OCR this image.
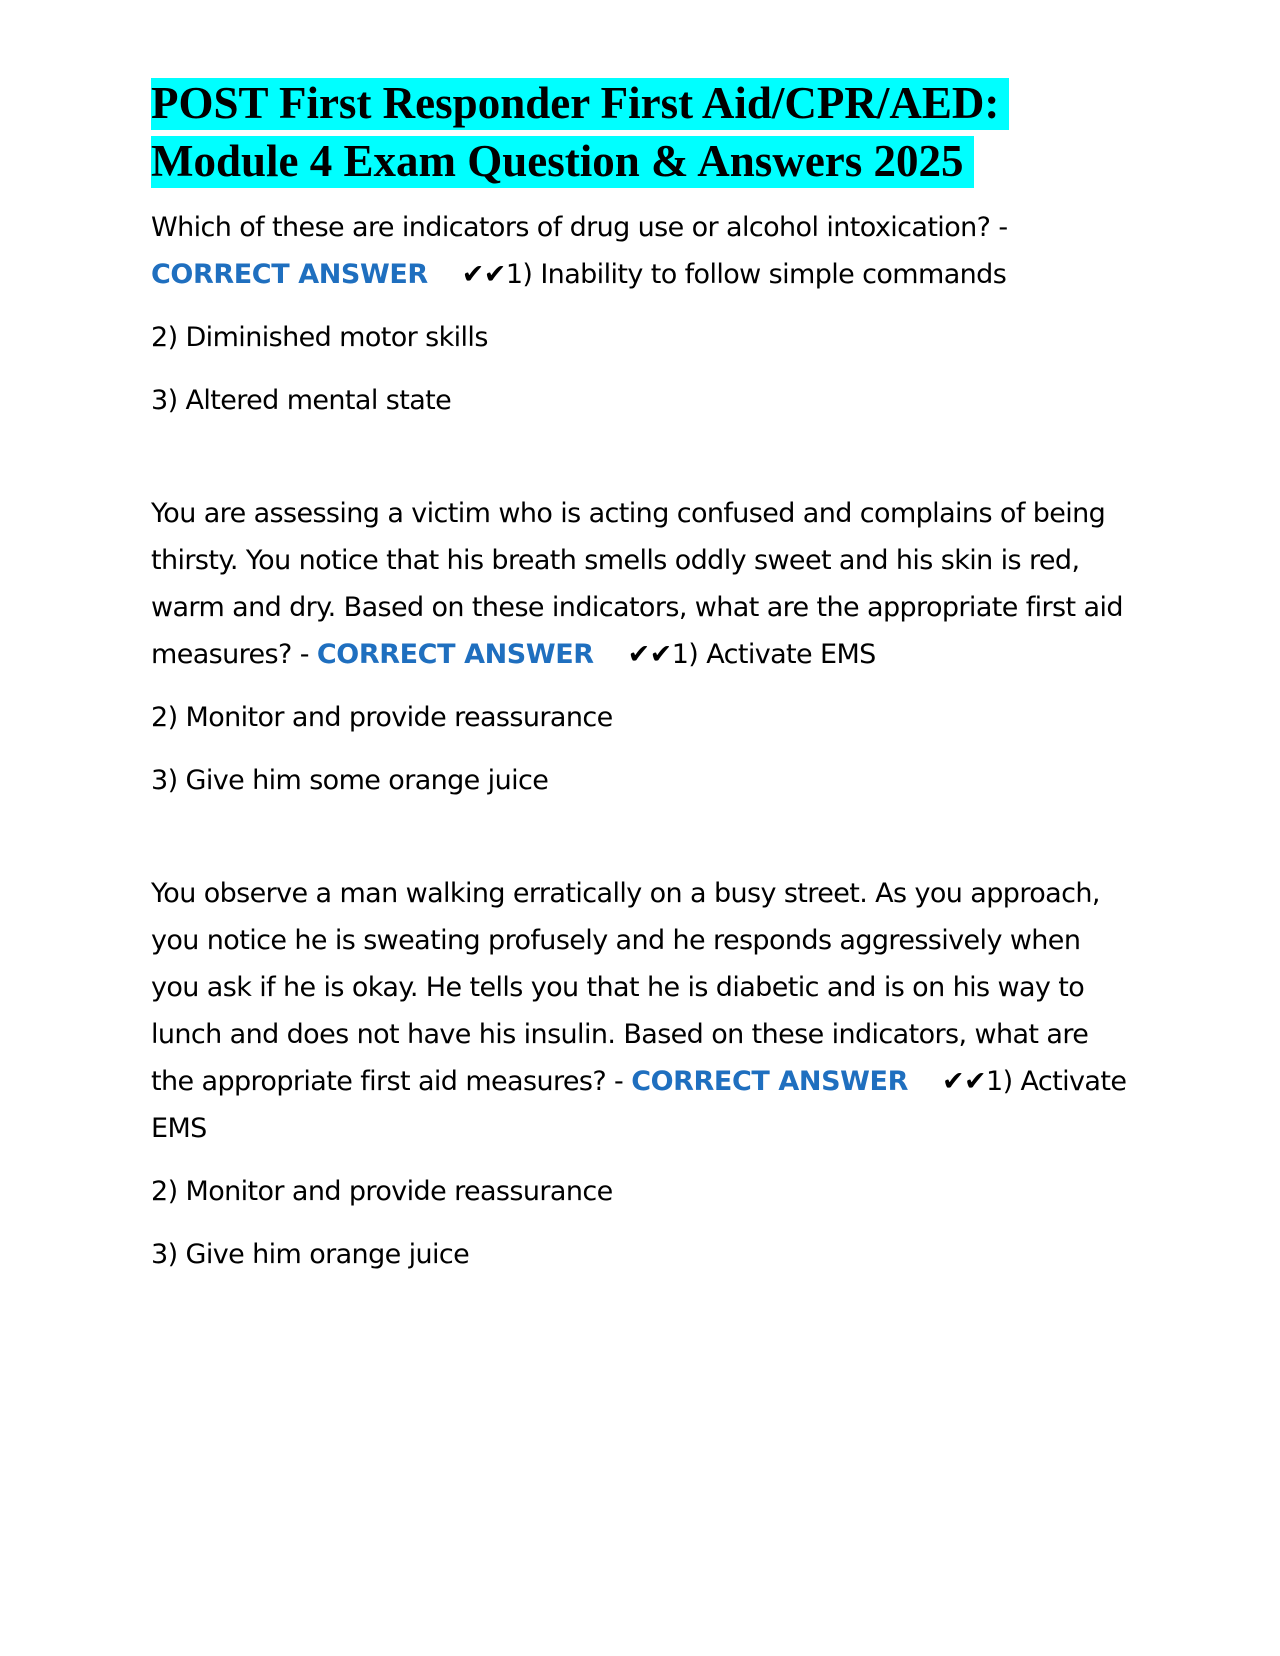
POST First Responder First Aid/CPR/AED:
Module 4 Exam Question & Answers 2025

Which of these are indicators of drug use or alcohol intoxication? - CORRECT ANSWER ✔✔1) Inability to follow simple commands

2) Diminished motor skills

3) Altered mental state

You are assessing a victim who is acting confused and complains of being thirsty. You notice that his breath smells oddly sweet and his skin is red, warm and dry. Based on these indicators, what are the appropriate first aid measures? - CORRECT ANSWER ✔✔1) Activate EMS

2) Monitor and provide reassurance

3) Give him some orange juice

You observe a man walking erratically on a busy street. As you approach, you notice he is sweating profusely and he responds aggressively when you ask if he is okay. He tells you that he is diabetic and is on his way to lunch and does not have his insulin. Based on these indicators, what are the appropriate first aid measures? - CORRECT ANSWER ✔✔1) Activate EMS

2) Monitor and provide reassurance

3) Give him orange juice
